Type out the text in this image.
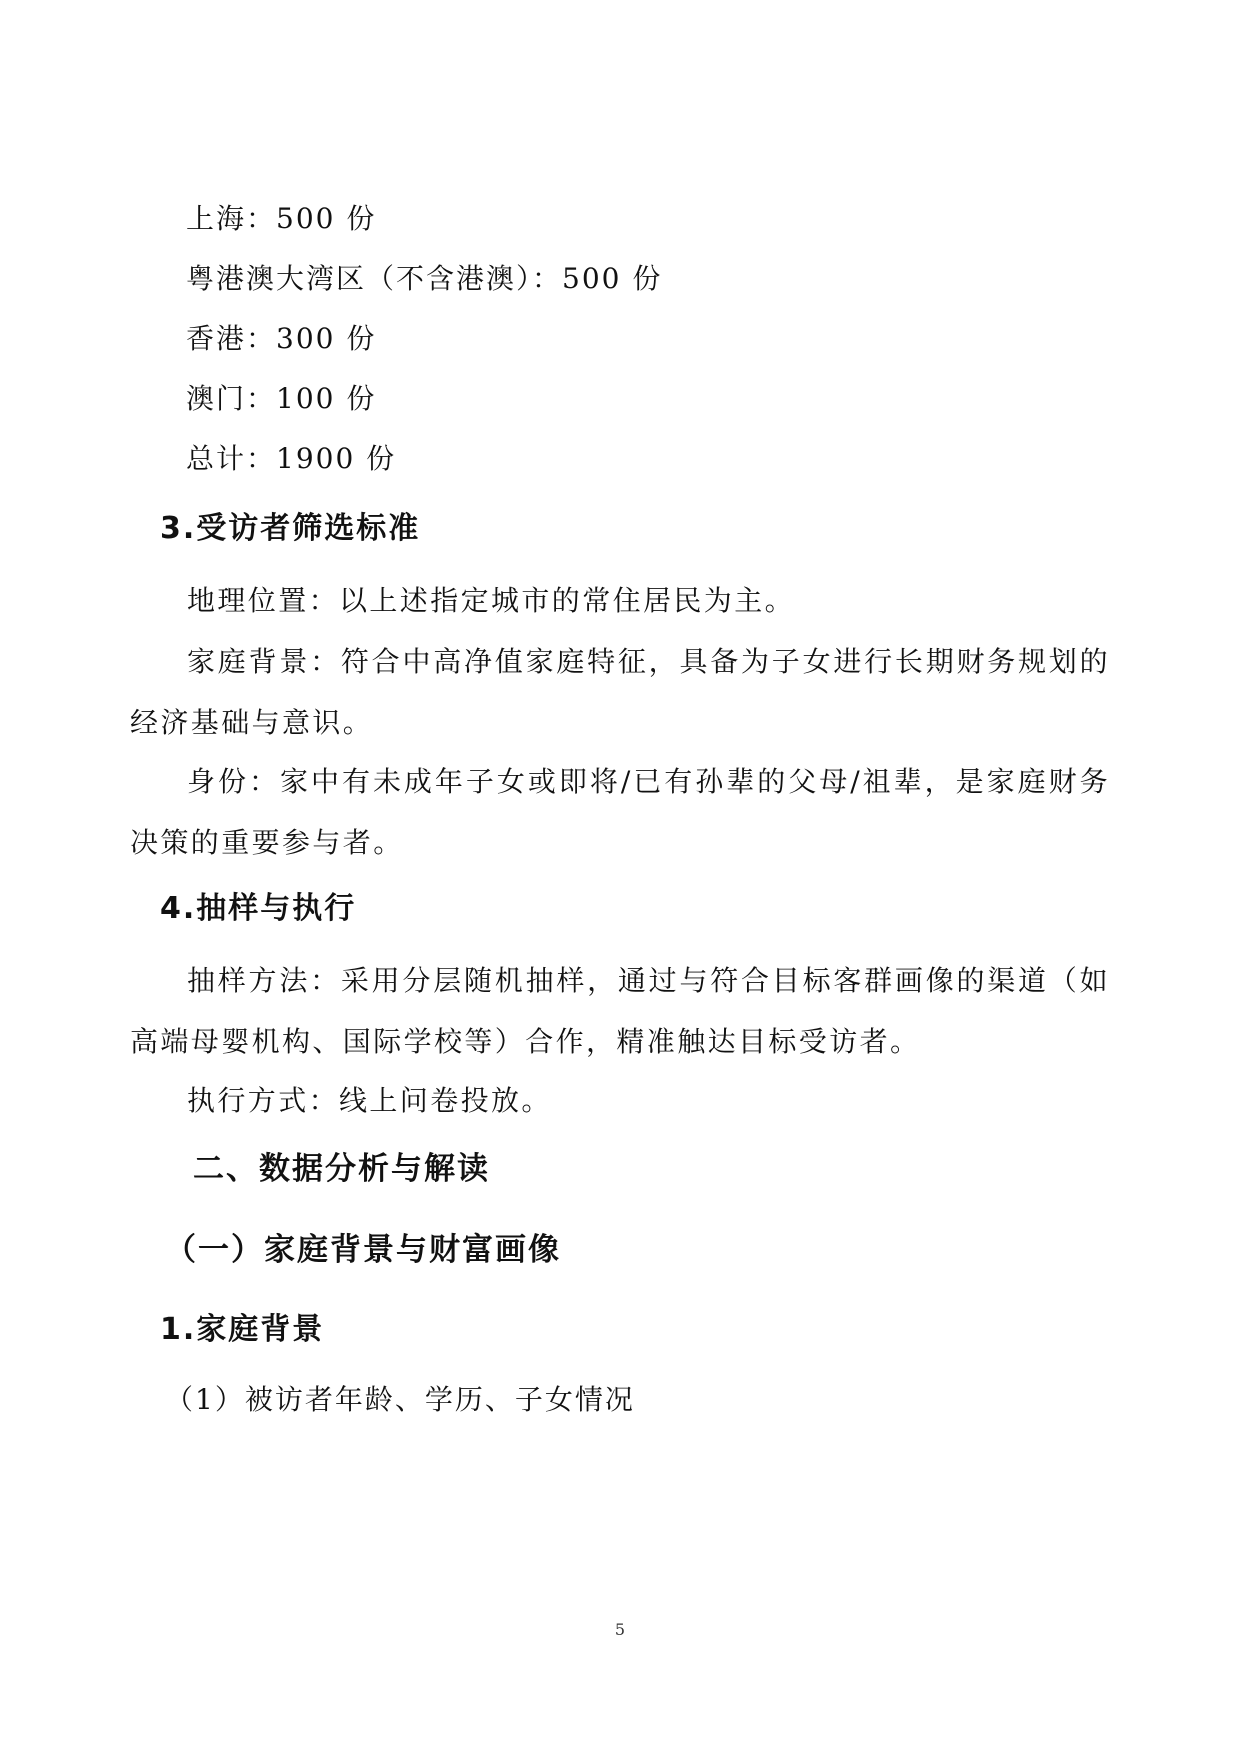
上海：500 份
粤港澳大湾区（不含港澳）：500 份
香港：300 份
澳门：100 份
总计：1900 份
3.受访者筛选标准
地理位置：以上述指定城市的常住居民为主。
家庭背景：符合中高净值家庭特征，具备为子女进行长期财务规划的经济基础与意识。
身份：家中有未成年子女或即将/已有孙辈的父母/祖辈，是家庭财务决策的重要参与者。
4.抽样与执行
抽样方法：采用分层随机抽样，通过与符合目标客群画像的渠道（如高端母婴机构、国际学校等）合作，精准触达目标受访者。
执行方式：线上问卷投放。
二、数据分析与解读
（一）家庭背景与财富画像
1.家庭背景
（1）被访者年龄、学历、子女情况
5
